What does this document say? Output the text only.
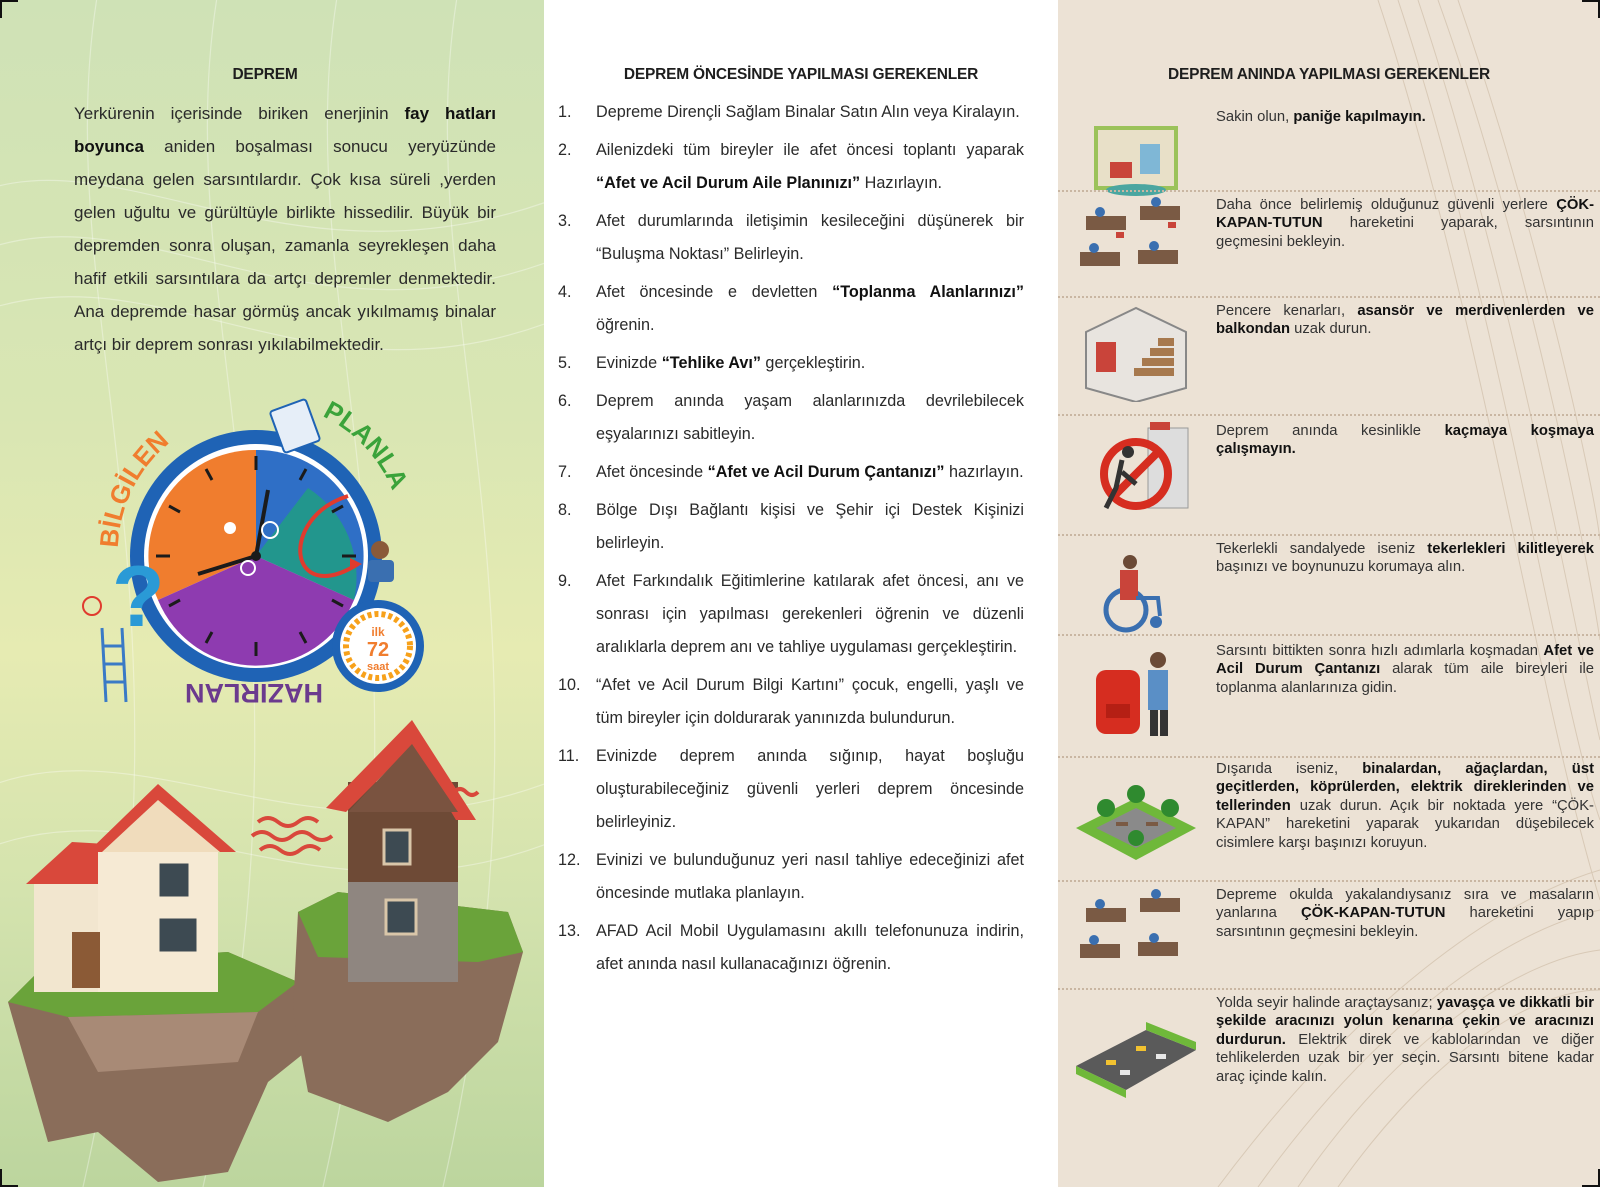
DEPREM
Yerkürenin içerisinde biriken enerjinin fay hatları boyunca aniden boşalması sonucu yeryüzünde meydana gelen sarsıntılardır. Çok kısa süreli ,yerden gelen uğultu ve gürültüyle birlikte hissedilir. Büyük bir depremden sonra oluşan, zamanla seyrekleşen daha hafif etkili sarsıntılara da artçı depremler denmektedir. Ana depremde hasar görmüş ancak yıkılmamış binalar artçı bir deprem sonrası yıkılabilmektedir.
?	ilk
72
saat
BİLGİLEN
PLANLA
HAZIRLAN
DEPREM ÖNCESİNDE YAPILMASI GEREKENLER
1.	Depreme Dirençli Sağlam Binalar Satın Alın veya Kiralayın.
2.	Ailenizdeki tüm bireyler ile afet öncesi toplantı yaparak “Afet ve Acil Durum Aile Planınızı” Hazırlayın.
3.	Afet durumlarında iletişimin kesileceğini düşünerek bir “Buluşma Noktası” Belirleyin.
4.	Afet öncesinde e devletten “Toplanma Alanlarınızı” öğrenin.
5.	Evinizde “Tehlike Avı” gerçekleştirin.
6.	Deprem anında yaşam alanlarınızda devrilebilecek eşyalarınızı sabitleyin.
7.	Afet öncesinde “Afet ve Acil Durum Çantanızı” hazırlayın.
8.	Bölge Dışı Bağlantı kişisi ve Şehir içi Destek Kişinizi belirleyin.
9.	Afet Farkındalık Eğitimlerine katılarak afet öncesi, anı ve sonrası için yapılması gerekenleri öğrenin ve düzenli aralıklarla deprem anı ve tahliye uygulaması gerçekleştirin.
10. “Afet ve Acil Durum Bilgi Kartını” çocuk, engelli, yaşlı ve tüm bireyler için doldurarak yanınızda bulundurun.
11.	Evinizde deprem anında sığınıp, hayat boşluğu oluşturabileceğiniz güvenli yerleri deprem öncesinde belirleyiniz.
12. Evinizi ve bulunduğunuz yeri nasıl tahliye edeceğinizi afet öncesinde mutlaka planlayın.
13. AFAD Acil Mobil Uygulamasını akıllı telefonunuza indirin, afet anında nasıl kullanacağınızı öğrenin.
DEPREM ANINDA YAPILMASI GEREKENLER
Sakin olun, paniğe kapılmayın.
Daha önce belirlemiş olduğunuz güvenli yerlere ÇÖK-KAPAN-TUTUN hareketini yaparak, sarsıntının geçmesini bekleyin.
Pencere kenarları, asansör ve merdivenlerden ve balkondan uzak durun.
Deprem anında kesinlikle kaçmaya koşmaya çalışmayın.
Tekerlekli sandalyede iseniz tekerlekleri kilitleyerek başınızı ve boynunuzu korumaya alın.
Sarsıntı bittikten sonra hızlı adımlarla koşmadan Afet ve Acil Durum Çantanızı alarak tüm aile bireyleri ile toplanma alanlarınıza gidin.
Dışarıda iseniz, binalardan, ağaçlardan, üst geçitlerden, köprülerden, elektrik direklerinden ve tellerinden uzak durun. Açık bir noktada yere “ÇÖK-KAPAN” hareketini yaparak yukarıdan düşebilecek cisimlere karşı başınızı koruyun.
Depreme okulda yakalandıysanız sıra ve masaların yanlarına ÇÖK-KAPAN-TUTUN hareketini yapıp sarsıntının geçmesini bekleyin.
Yolda seyir halinde araçtaysanız; yavaşça ve dikkatli bir şekilde aracınızı yolun kenarına çekin ve aracınızı durdurun. Elektrik direk ve kablolarından ve diğer tehlikelerden uzak bir yer seçin. Sarsıntı bitene kadar araç içinde kalın.
